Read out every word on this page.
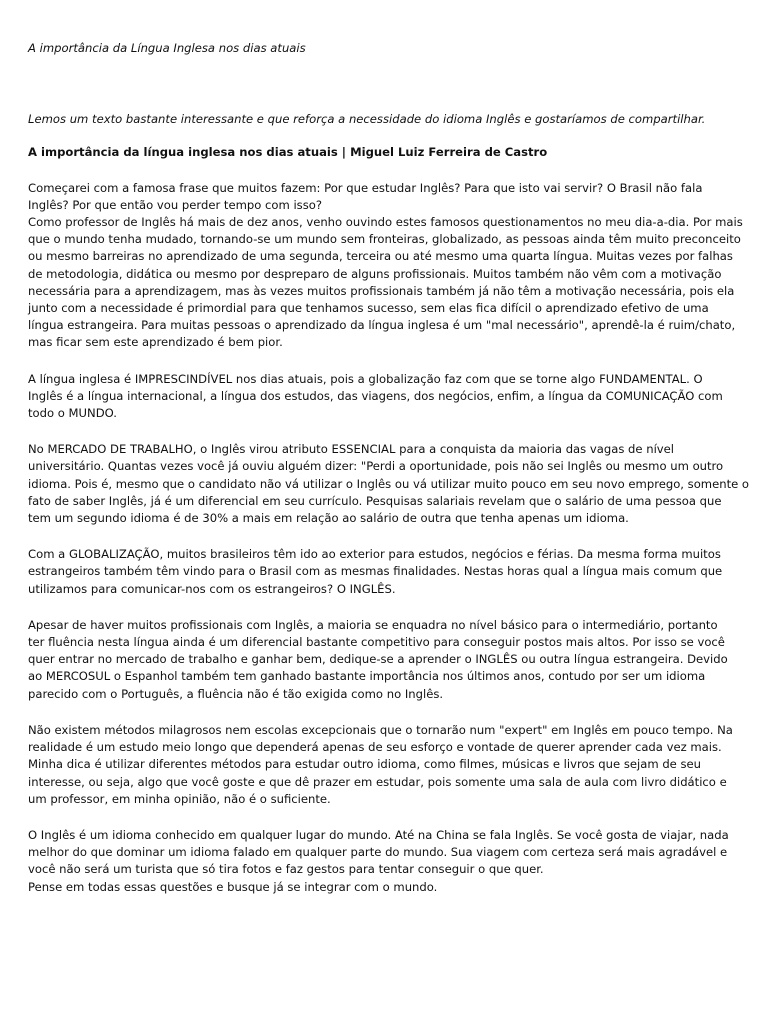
A importância da Língua Inglesa nos dias atuais

Lemos um texto bastante interessante e que reforça a necessidade do idioma Inglês e gostaríamos de compartilhar.

A importância da língua inglesa nos dias atuais | Miguel Luiz Ferreira de Castro

Começarei com a famosa frase que muitos fazem: Por que estudar Inglês? Para que isto vai servir? O Brasil não fala
Inglês? Por que então vou perder tempo com isso?
Como professor de Inglês há mais de dez anos, venho ouvindo estes famosos questionamentos no meu dia-a-dia. Por mais
que o mundo tenha mudado, tornando-se um mundo sem fronteiras, globalizado, as pessoas ainda têm muito preconceito
ou mesmo barreiras no aprendizado de uma segunda, terceira ou até mesmo uma quarta língua. Muitas vezes por falhas
de metodologia, didática ou mesmo por despreparo de alguns profissionais. Muitos também não vêm com a motivação
necessária para a aprendizagem, mas às vezes muitos profissionais também já não têm a motivação necessária, pois ela
junto com a necessidade é primordial para que tenhamos sucesso, sem elas fica difícil o aprendizado efetivo de uma
língua estrangeira. Para muitas pessoas o aprendizado da língua inglesa é um "mal necessário", aprendê-la é ruim/chato,
mas ficar sem este aprendizado é bem pior.

A língua inglesa é IMPRESCINDÍVEL nos dias atuais, pois a globalização faz com que se torne algo FUNDAMENTAL. O
Inglês é a língua internacional, a língua dos estudos, das viagens, dos negócios, enfim, a língua da COMUNICAÇÃO com
todo o MUNDO.

No MERCADO DE TRABALHO, o Inglês virou atributo ESSENCIAL para a conquista da maioria das vagas de nível
universitário. Quantas vezes você já ouviu alguém dizer: "Perdi a oportunidade, pois não sei Inglês ou mesmo um outro
idioma. Pois é, mesmo que o candidato não vá utilizar o Inglês ou vá utilizar muito pouco em seu novo emprego, somente o
fato de saber Inglês, já é um diferencial em seu currículo. Pesquisas salariais revelam que o salário de uma pessoa que
tem um segundo idioma é de 30% a mais em relação ao salário de outra que tenha apenas um idioma.

Com a GLOBALIZAÇÃO, muitos brasileiros têm ido ao exterior para estudos, negócios e férias. Da mesma forma muitos
estrangeiros também têm vindo para o Brasil com as mesmas finalidades. Nestas horas qual a língua mais comum que
utilizamos para comunicar-nos com os estrangeiros? O INGLÊS.

Apesar de haver muitos profissionais com Inglês, a maioria se enquadra no nível básico para o intermediário, portanto
ter fluência nesta língua ainda é um diferencial bastante competitivo para conseguir postos mais altos. Por isso se você
quer entrar no mercado de trabalho e ganhar bem, dedique-se a aprender o INGLÊS ou outra língua estrangeira. Devido
ao MERCOSUL o Espanhol também tem ganhado bastante importância nos últimos anos, contudo por ser um idioma
parecido com o Português, a fluência não é tão exigida como no Inglês.

Não existem métodos milagrosos nem escolas excepcionais que o tornarão num "expert" em Inglês em pouco tempo. Na
realidade é um estudo meio longo que dependerá apenas de seu esforço e vontade de querer aprender cada vez mais.
Minha dica é utilizar diferentes métodos para estudar outro idioma, como filmes, músicas e livros que sejam de seu
interesse, ou seja, algo que você goste e que dê prazer em estudar, pois somente uma sala de aula com livro didático e
um professor, em minha opinião, não é o suficiente.

O Inglês é um idioma conhecido em qualquer lugar do mundo. Até na China se fala Inglês. Se você gosta de viajar, nada
melhor do que dominar um idioma falado em qualquer parte do mundo. Sua viagem com certeza será mais agradável e
você não será um turista que só tira fotos e faz gestos para tentar conseguir o que quer.
Pense em todas essas questões e busque já se integrar com o mundo.
